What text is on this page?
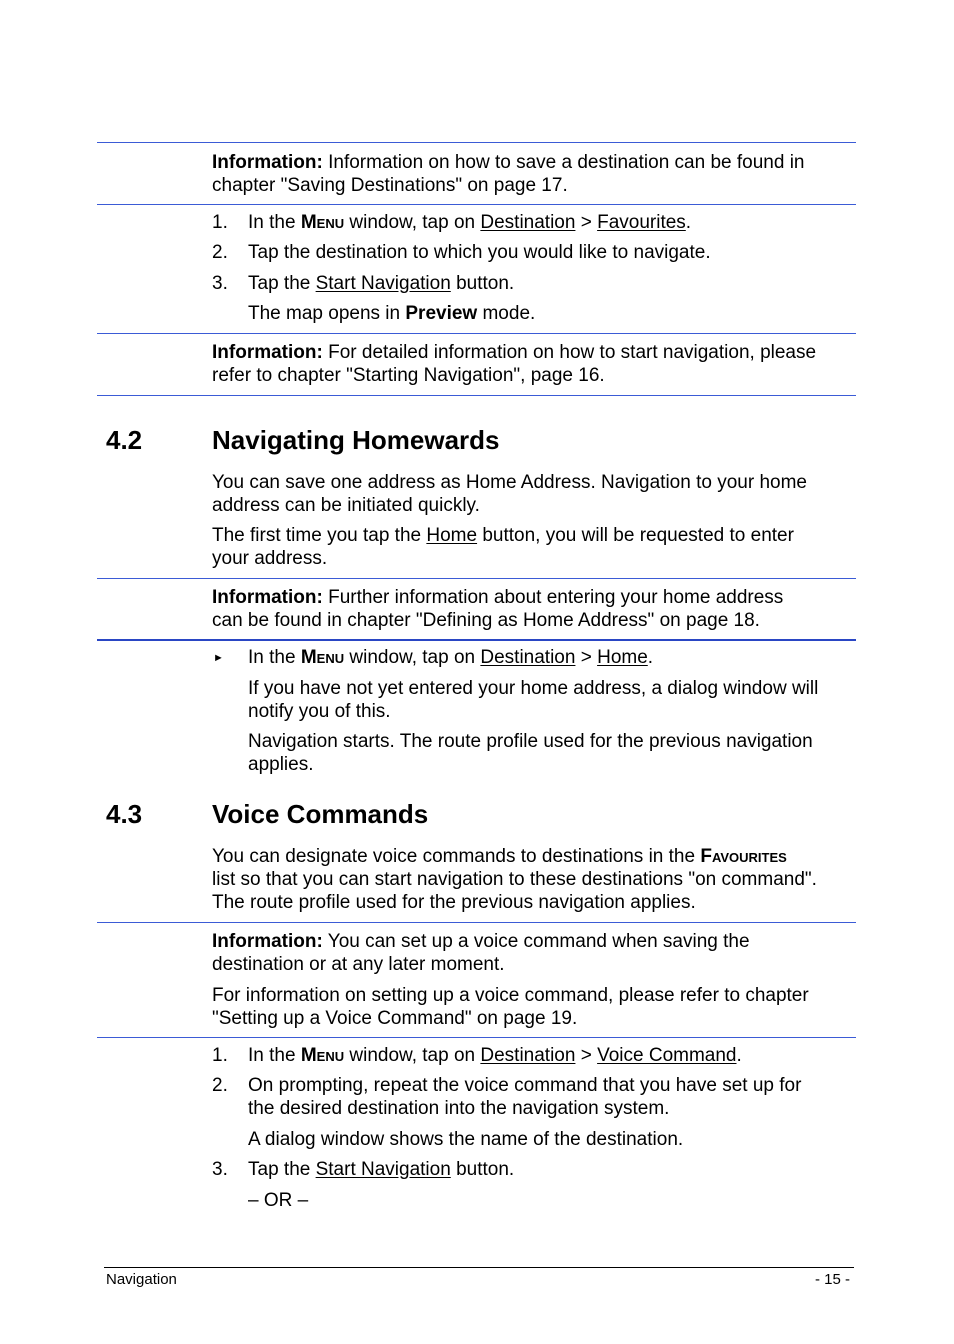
Information: Information on how to save a destination can be found in
chapter "Saving Destinations" on page 17.
1. In the Menu window, tap on Destination > Favourites.
2. Tap the destination to which you would like to navigate.
3. Tap the Start Navigation button.
The map opens in Preview mode.
Information: For detailed information on how to start navigation, please
refer to chapter "Starting Navigation", page 16.
4.2	Navigating Homewards
You can save one address as Home Address. Navigation to your home
address can be initiated quickly.
The first time you tap the Home button, you will be requested to enter
your address.
Information: Further information about entering your home address
can be found in chapter "Defining as Home Address" on page 18.
► In the Menu window, tap on Destination > Home.
If you have not yet entered your home address, a dialog window will
notify you of this.
Navigation starts. The route profile used for the previous navigation
applies.
4.3	Voice Commands
You can designate voice commands to destinations in the Favourites
list so that you can start navigation to these destinations "on command".
The route profile used for the previous navigation applies.
Information: You can set up a voice command when saving the
destination or at any later moment.
For information on setting up a voice command, please refer to chapter
"Setting up a Voice Command" on page 19.
1. In the Menu window, tap on Destination > Voice Command.
2. On prompting, repeat the voice command that you have set up for
the desired destination into the navigation system.
A dialog window shows the name of the destination.
3. Tap the Start Navigation button.
– OR –
Navigation	- 15 -
